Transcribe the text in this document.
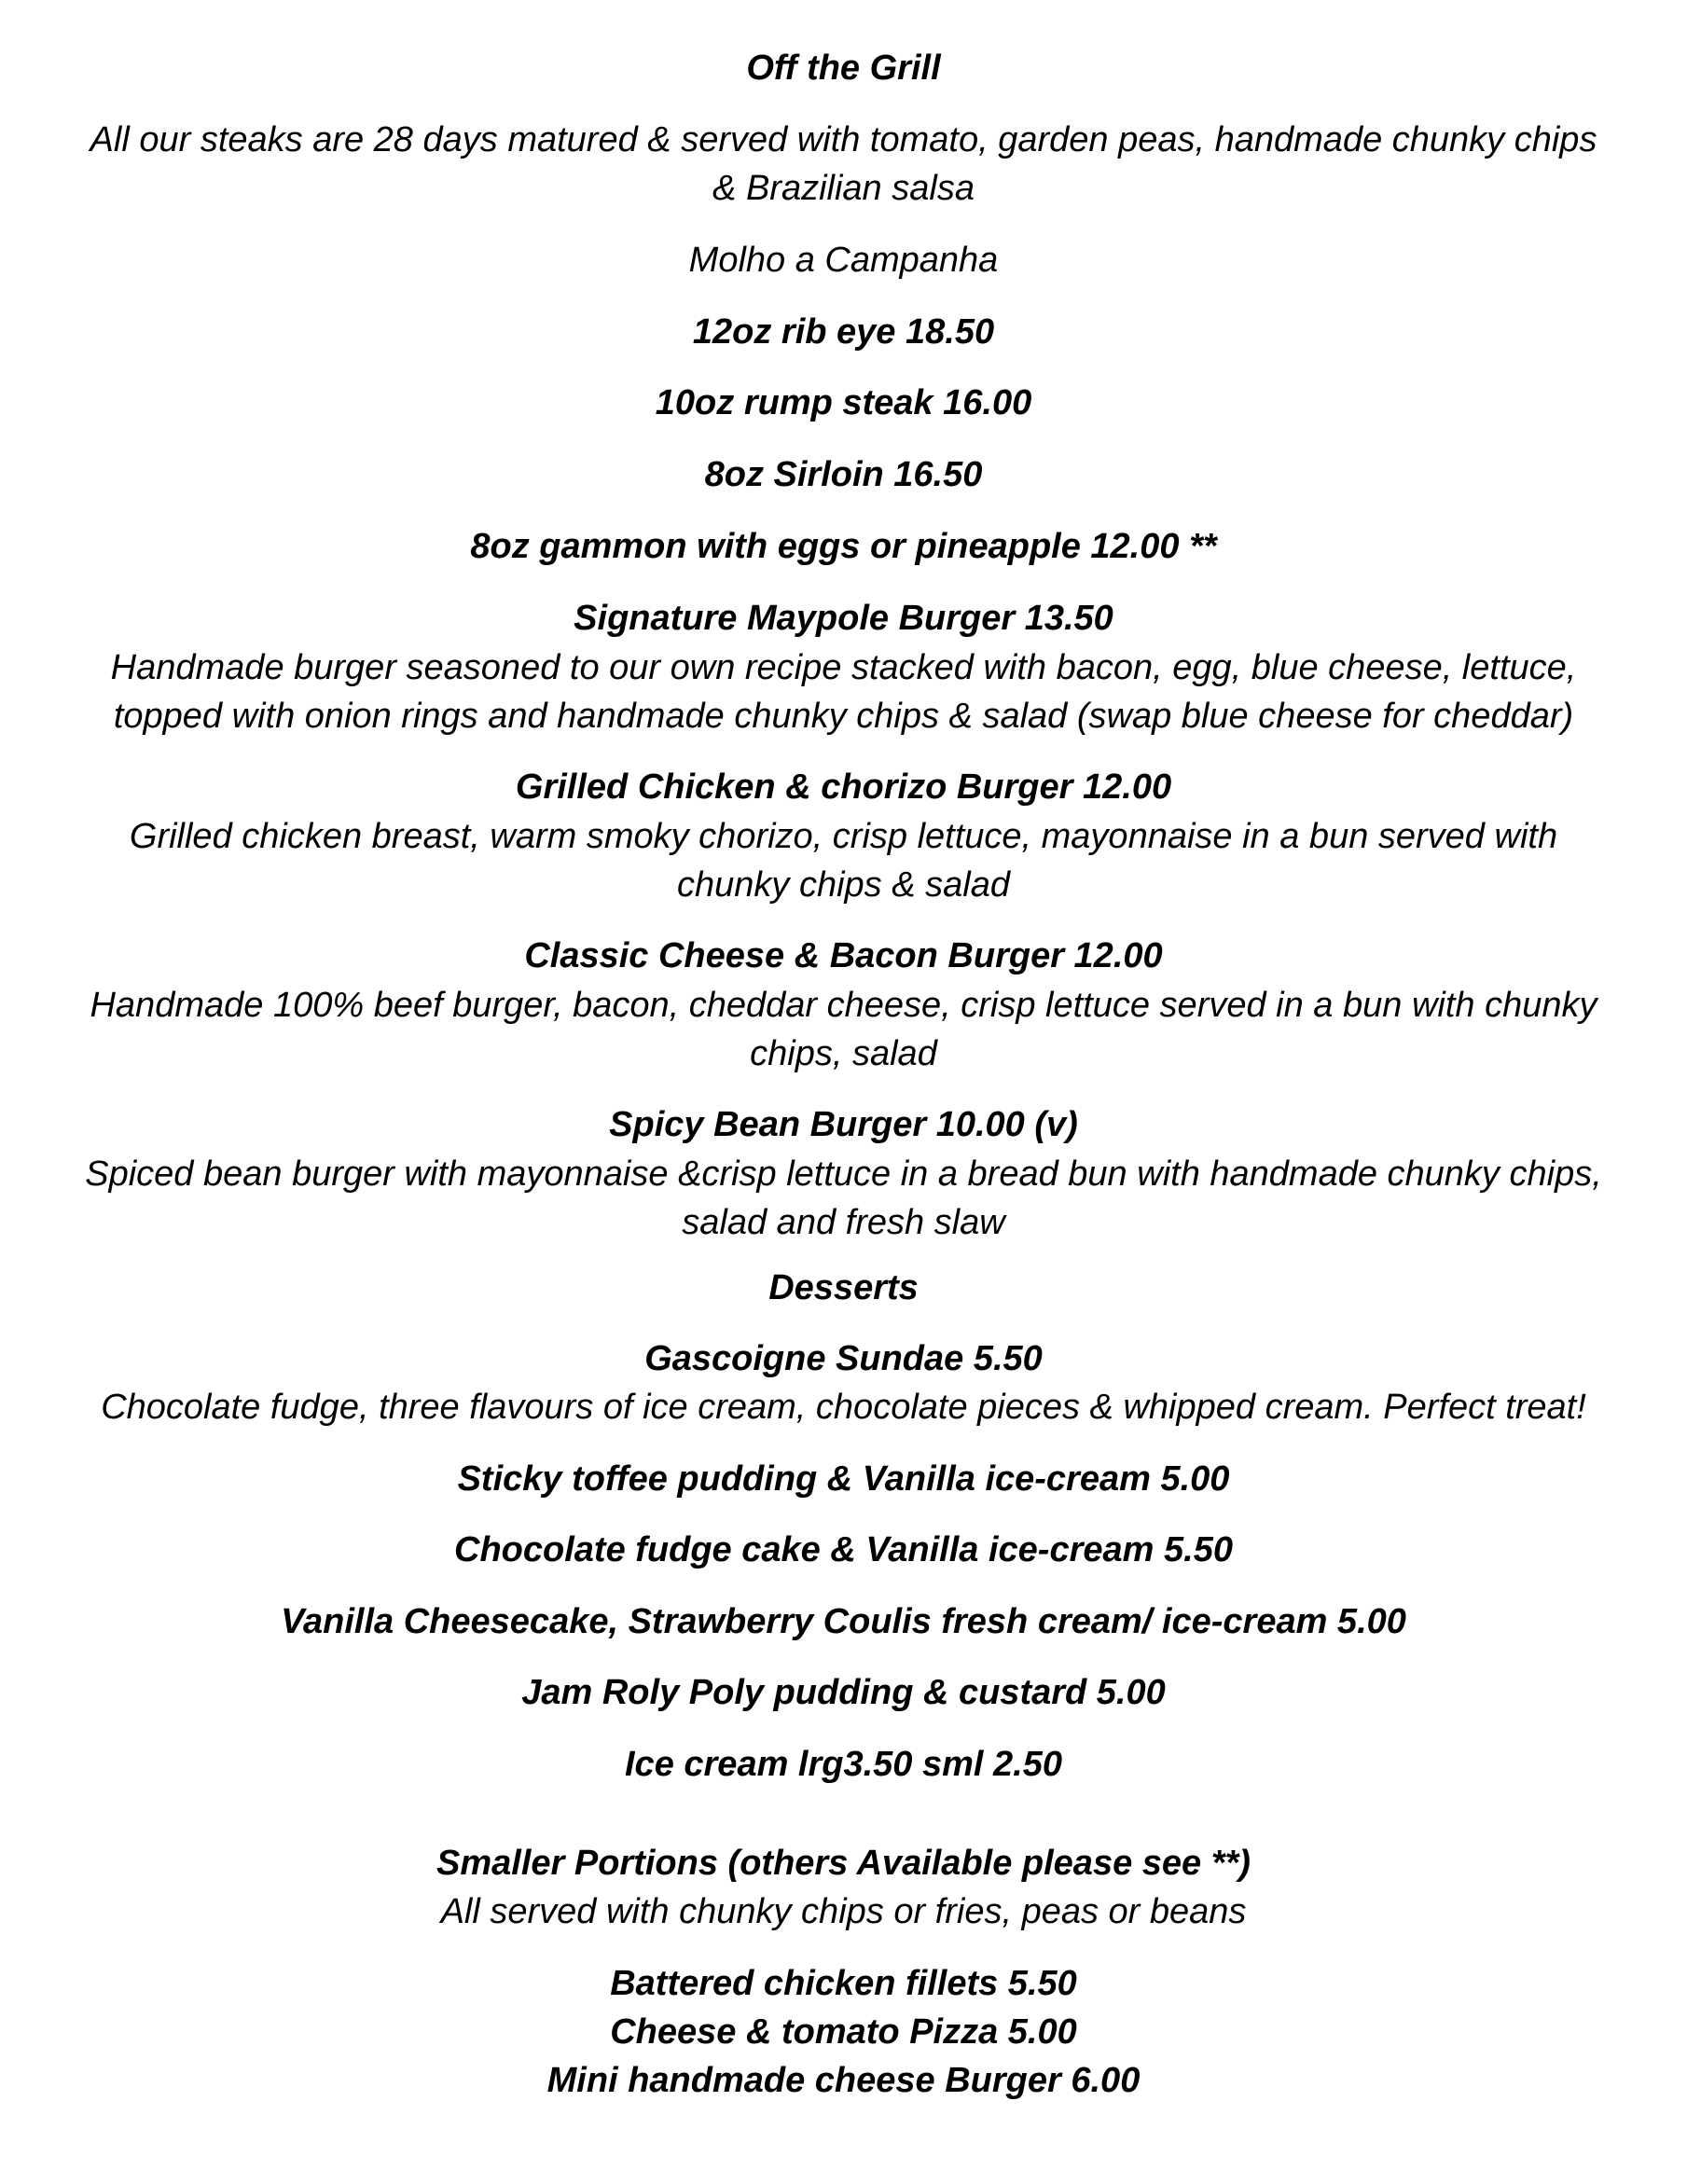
Off the Grill
All our steaks are 28 days matured & served with tomato, garden peas, handmade chunky chips
& Brazilian salsa
Molho a Campanha
12oz rib eye 18.50
10oz rump steak 16.00
8oz Sirloin 16.50
8oz gammon with eggs or pineapple 12.00 **
Signature Maypole Burger 13.50
Handmade burger seasoned to our own recipe stacked with bacon, egg, blue cheese, lettuce,
topped with onion rings and handmade chunky chips & salad (swap blue cheese for cheddar)
Grilled Chicken & chorizo Burger 12.00
Grilled chicken breast, warm smoky chorizo, crisp lettuce, mayonnaise in a bun served with
chunky chips & salad
Classic Cheese & Bacon Burger 12.00
Handmade 100% beef burger, bacon, cheddar cheese, crisp lettuce served in a bun with chunky
chips, salad
Spicy Bean Burger 10.00 (v)
Spiced bean burger with mayonnaise &crisp lettuce in a bread bun with handmade chunky chips,
salad and fresh slaw
Desserts
Gascoigne Sundae 5.50
Chocolate fudge, three flavours of ice cream, chocolate pieces & whipped cream. Perfect treat!
Sticky toffee pudding & Vanilla ice-cream 5.00
Chocolate fudge cake & Vanilla ice-cream 5.50
Vanilla Cheesecake, Strawberry Coulis fresh cream/ ice-cream 5.00
Jam Roly Poly pudding & custard 5.00
Ice cream lrg3.50 sml 2.50
Smaller Portions (others Available please see **)
All served with chunky chips or fries, peas or beans
Battered chicken fillets 5.50
Cheese & tomato Pizza 5.00
Mini handmade cheese Burger 6.00
